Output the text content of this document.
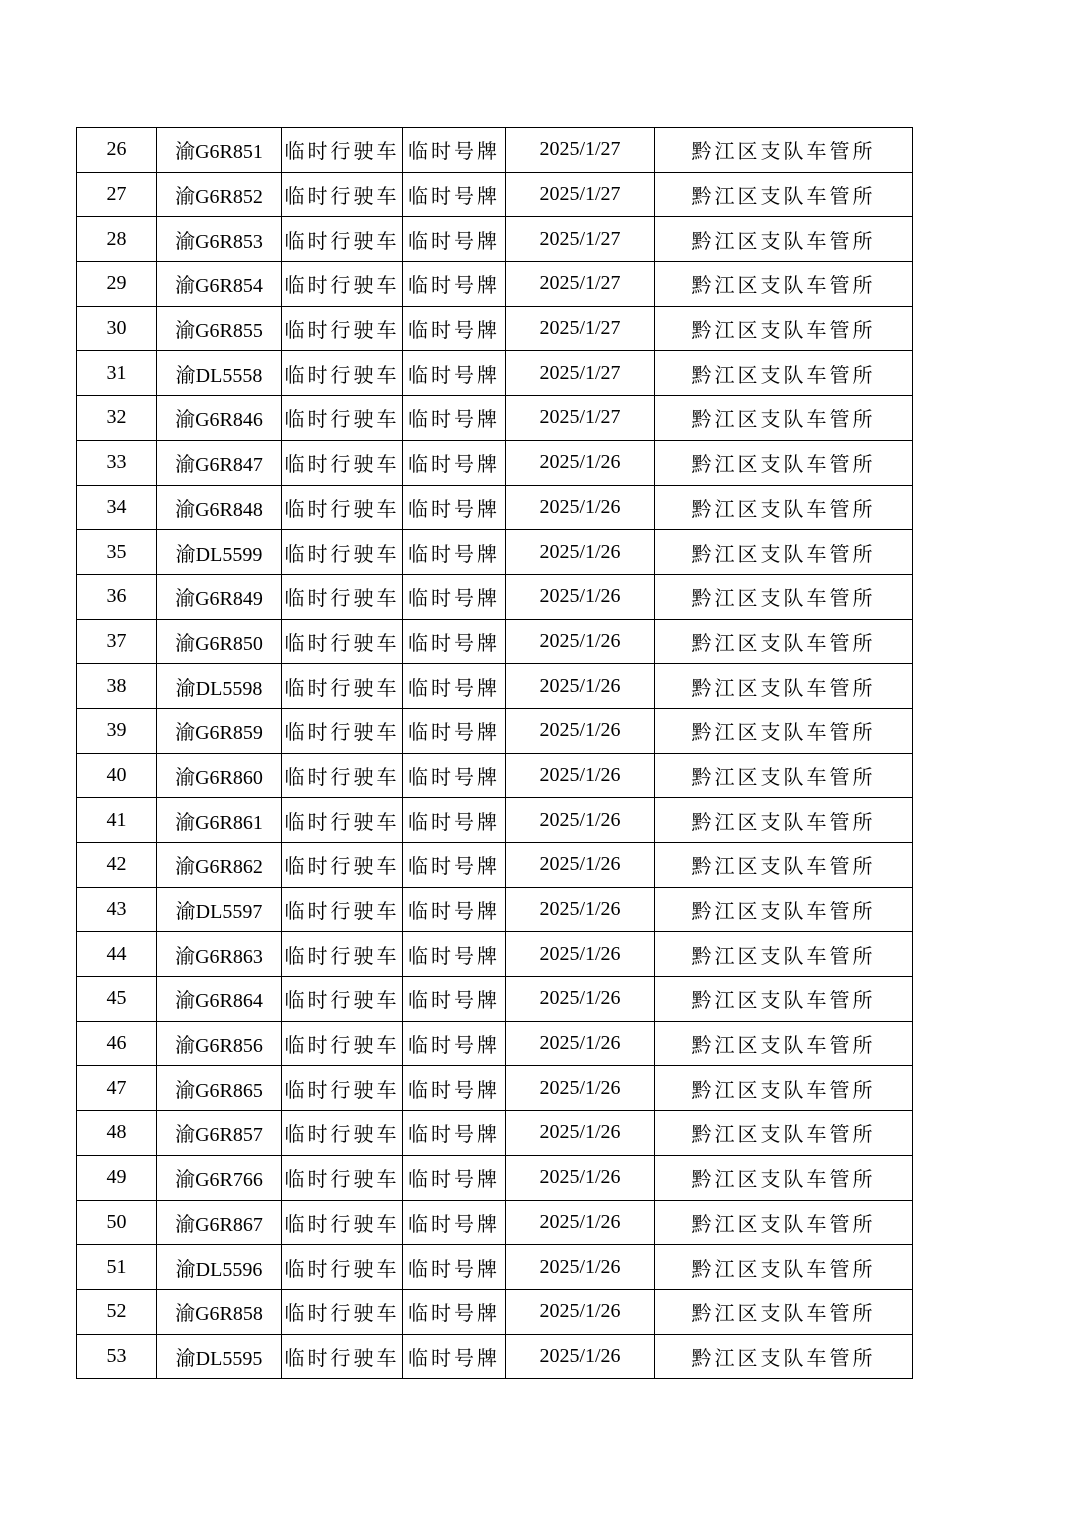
26	渝G6R851	临时行驶车	临时号牌	2025/1/27	黔江区支队车管所
27	渝G6R852	临时行驶车	临时号牌	2025/1/27	黔江区支队车管所
28	渝G6R853	临时行驶车	临时号牌	2025/1/27	黔江区支队车管所
29	渝G6R854	临时行驶车	临时号牌	2025/1/27	黔江区支队车管所
30	渝G6R855	临时行驶车	临时号牌	2025/1/27	黔江区支队车管所
31	渝DL5558	临时行驶车	临时号牌	2025/1/27	黔江区支队车管所
32	渝G6R846	临时行驶车	临时号牌	2025/1/27	黔江区支队车管所
33	渝G6R847	临时行驶车	临时号牌	2025/1/26	黔江区支队车管所
34	渝G6R848	临时行驶车	临时号牌	2025/1/26	黔江区支队车管所
35	渝DL5599	临时行驶车	临时号牌	2025/1/26	黔江区支队车管所
36	渝G6R849	临时行驶车	临时号牌	2025/1/26	黔江区支队车管所
37	渝G6R850	临时行驶车	临时号牌	2025/1/26	黔江区支队车管所
38	渝DL5598	临时行驶车	临时号牌	2025/1/26	黔江区支队车管所
39	渝G6R859	临时行驶车	临时号牌	2025/1/26	黔江区支队车管所
40	渝G6R860	临时行驶车	临时号牌	2025/1/26	黔江区支队车管所
41	渝G6R861	临时行驶车	临时号牌	2025/1/26	黔江区支队车管所
42	渝G6R862	临时行驶车	临时号牌	2025/1/26	黔江区支队车管所
43	渝DL5597	临时行驶车	临时号牌	2025/1/26	黔江区支队车管所
44	渝G6R863	临时行驶车	临时号牌	2025/1/26	黔江区支队车管所
45	渝G6R864	临时行驶车	临时号牌	2025/1/26	黔江区支队车管所
46	渝G6R856	临时行驶车	临时号牌	2025/1/26	黔江区支队车管所
47	渝G6R865	临时行驶车	临时号牌	2025/1/26	黔江区支队车管所
48	渝G6R857	临时行驶车	临时号牌	2025/1/26	黔江区支队车管所
49	渝G6R766	临时行驶车	临时号牌	2025/1/26	黔江区支队车管所
50	渝G6R867	临时行驶车	临时号牌	2025/1/26	黔江区支队车管所
51	渝DL5596	临时行驶车	临时号牌	2025/1/26	黔江区支队车管所
52	渝G6R858	临时行驶车	临时号牌	2025/1/26	黔江区支队车管所
53	渝DL5595	临时行驶车	临时号牌	2025/1/26	黔江区支队车管所
